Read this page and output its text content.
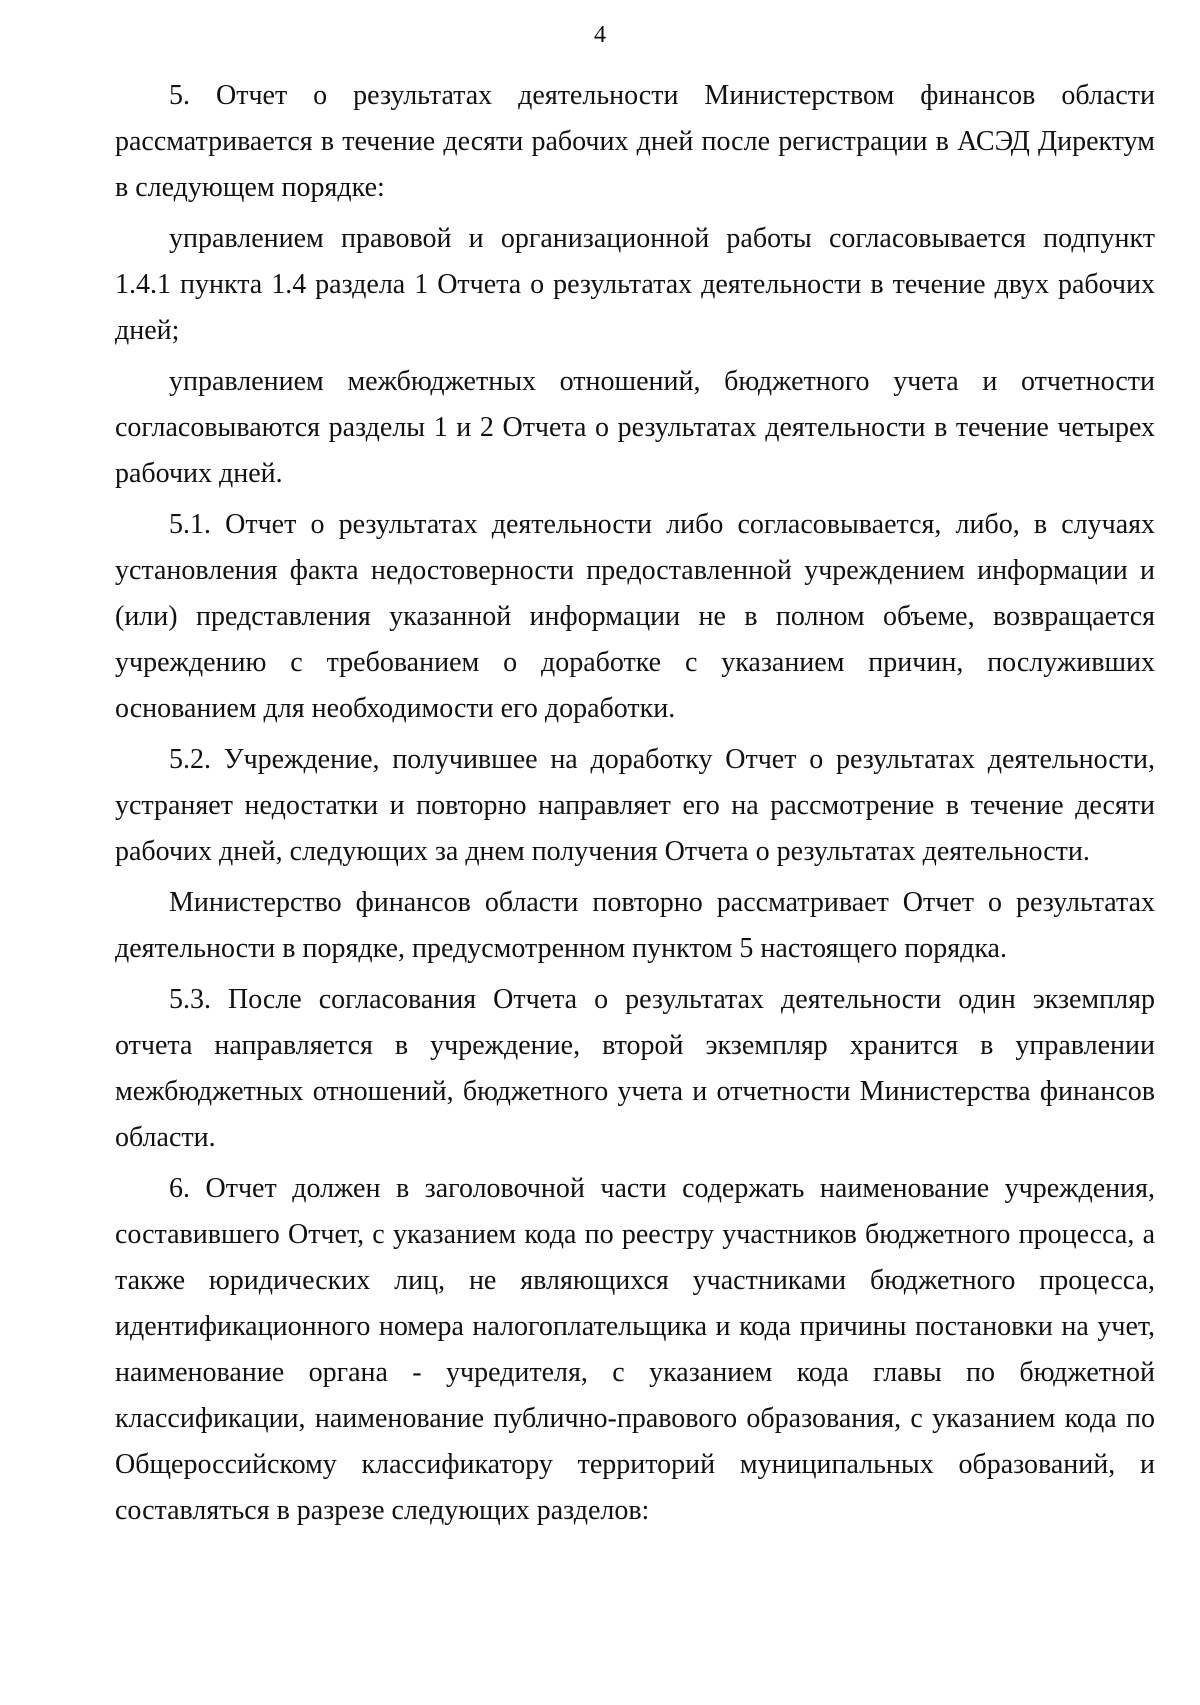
4

5. Отчет о результатах деятельности Министерством финансов области рассматривается в течение десяти рабочих дней после регистрации в АСЭД Директум в следующем порядке:

управлением правовой и организационной работы согласовывается подпункт 1.4.1 пункта 1.4 раздела 1 Отчета о результатах деятельности в течение двух рабочих дней;

управлением межбюджетных отношений, бюджетного учета и отчетности согласовываются разделы 1 и 2 Отчета о результатах деятельности в течение четырех рабочих дней.

5.1. Отчет о результатах деятельности либо согласовывается, либо, в случаях установления факта недостоверности предоставленной учреждением информации и (или) представления указанной информации не в полном объеме, возвращается учреждению с требованием о доработке с указанием причин, послуживших основанием для необходимости его доработки.

5.2. Учреждение, получившее на доработку Отчет о результатах деятельности, устраняет недостатки и повторно направляет его на рассмотрение в течение десяти рабочих дней, следующих за днем получения Отчета о результатах деятельности.

Министерство финансов области повторно рассматривает Отчет о результатах деятельности в порядке, предусмотренном пунктом 5 настоящего порядка.

5.3. После согласования Отчета о результатах деятельности один экземпляр отчета направляется в учреждение, второй экземпляр хранится в управлении межбюджетных отношений, бюджетного учета и отчетности Министерства финансов области.

6. Отчет должен в заголовочной части содержать наименование учреждения, составившего Отчет, с указанием кода по реестру участников бюджетного процесса, а также юридических лиц, не являющихся участниками бюджетного процесса, идентификационного номера налогоплательщика и кода причины постановки на учет, наименование органа - учредителя, с указанием кода главы по бюджетной классификации, наименование публично-правового образования, с указанием кода по Общероссийскому классификатору территорий муниципальных образований, и составляться в разрезе следующих разделов:
